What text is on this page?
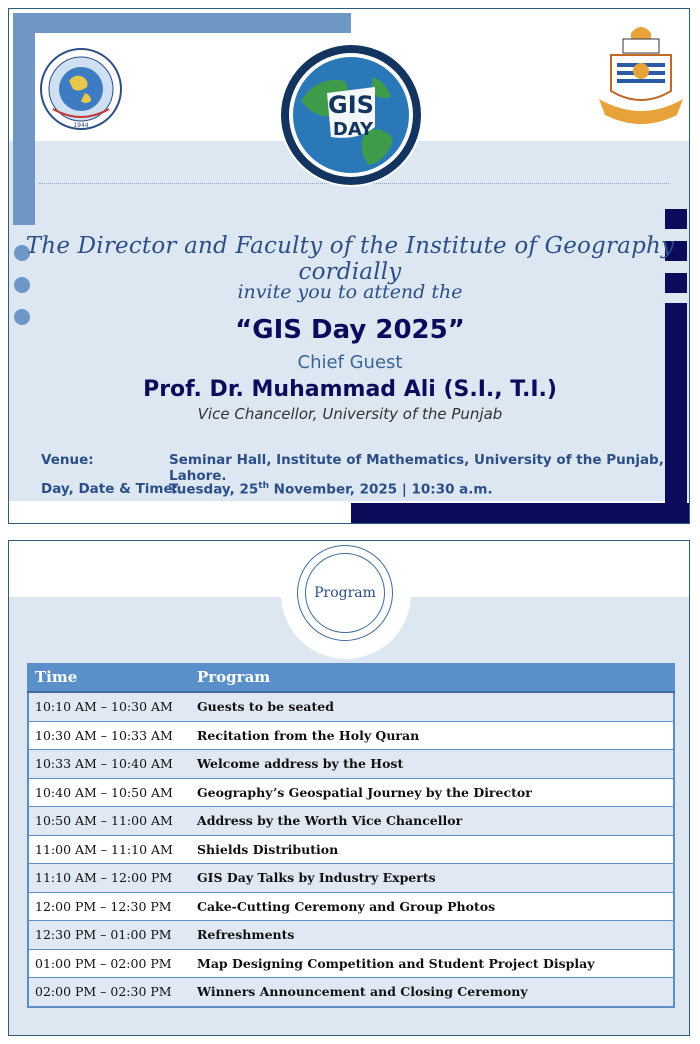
1944
GIS
DAY
The Director and Faculty of the Institute of Geography cordially
invite you to attend the
“GIS Day 2025”
Chief Guest
Prof. Dr. Muhammad Ali (S.I., T.I.)
Vice Chancellor, University of the Punjab
Venue:	Seminar Hall, Institute of Mathematics, University of the Punjab, Lahore.
Day, Date & Time:
Tuesday, 25th November, 2025 | 10:30 a.m.
Program
Time	Program
10:10 AM – 10:30 AM	Guests to be seated
10:30 AM – 10:33 AM	Recitation from the Holy Quran
10:33 AM – 10:40 AM	Welcome address by the Host
10:40 AM – 10:50 AM	Geography’s Geospatial Journey by the Director
10:50 AM – 11:00 AM	Address by the Worth Vice Chancellor
11:00 AM – 11:10 AM	Shields Distribution
11:10 AM – 12:00 PM	GIS Day Talks by Industry Experts
12:00 PM – 12:30 PM	Cake-Cutting Ceremony and Group Photos
12:30 PM – 01:00 PM	Refreshments
01:00 PM – 02:00 PM	Map Designing Competition and Student Project Display
02:00 PM – 02:30 PM	Winners Announcement and Closing Ceremony
